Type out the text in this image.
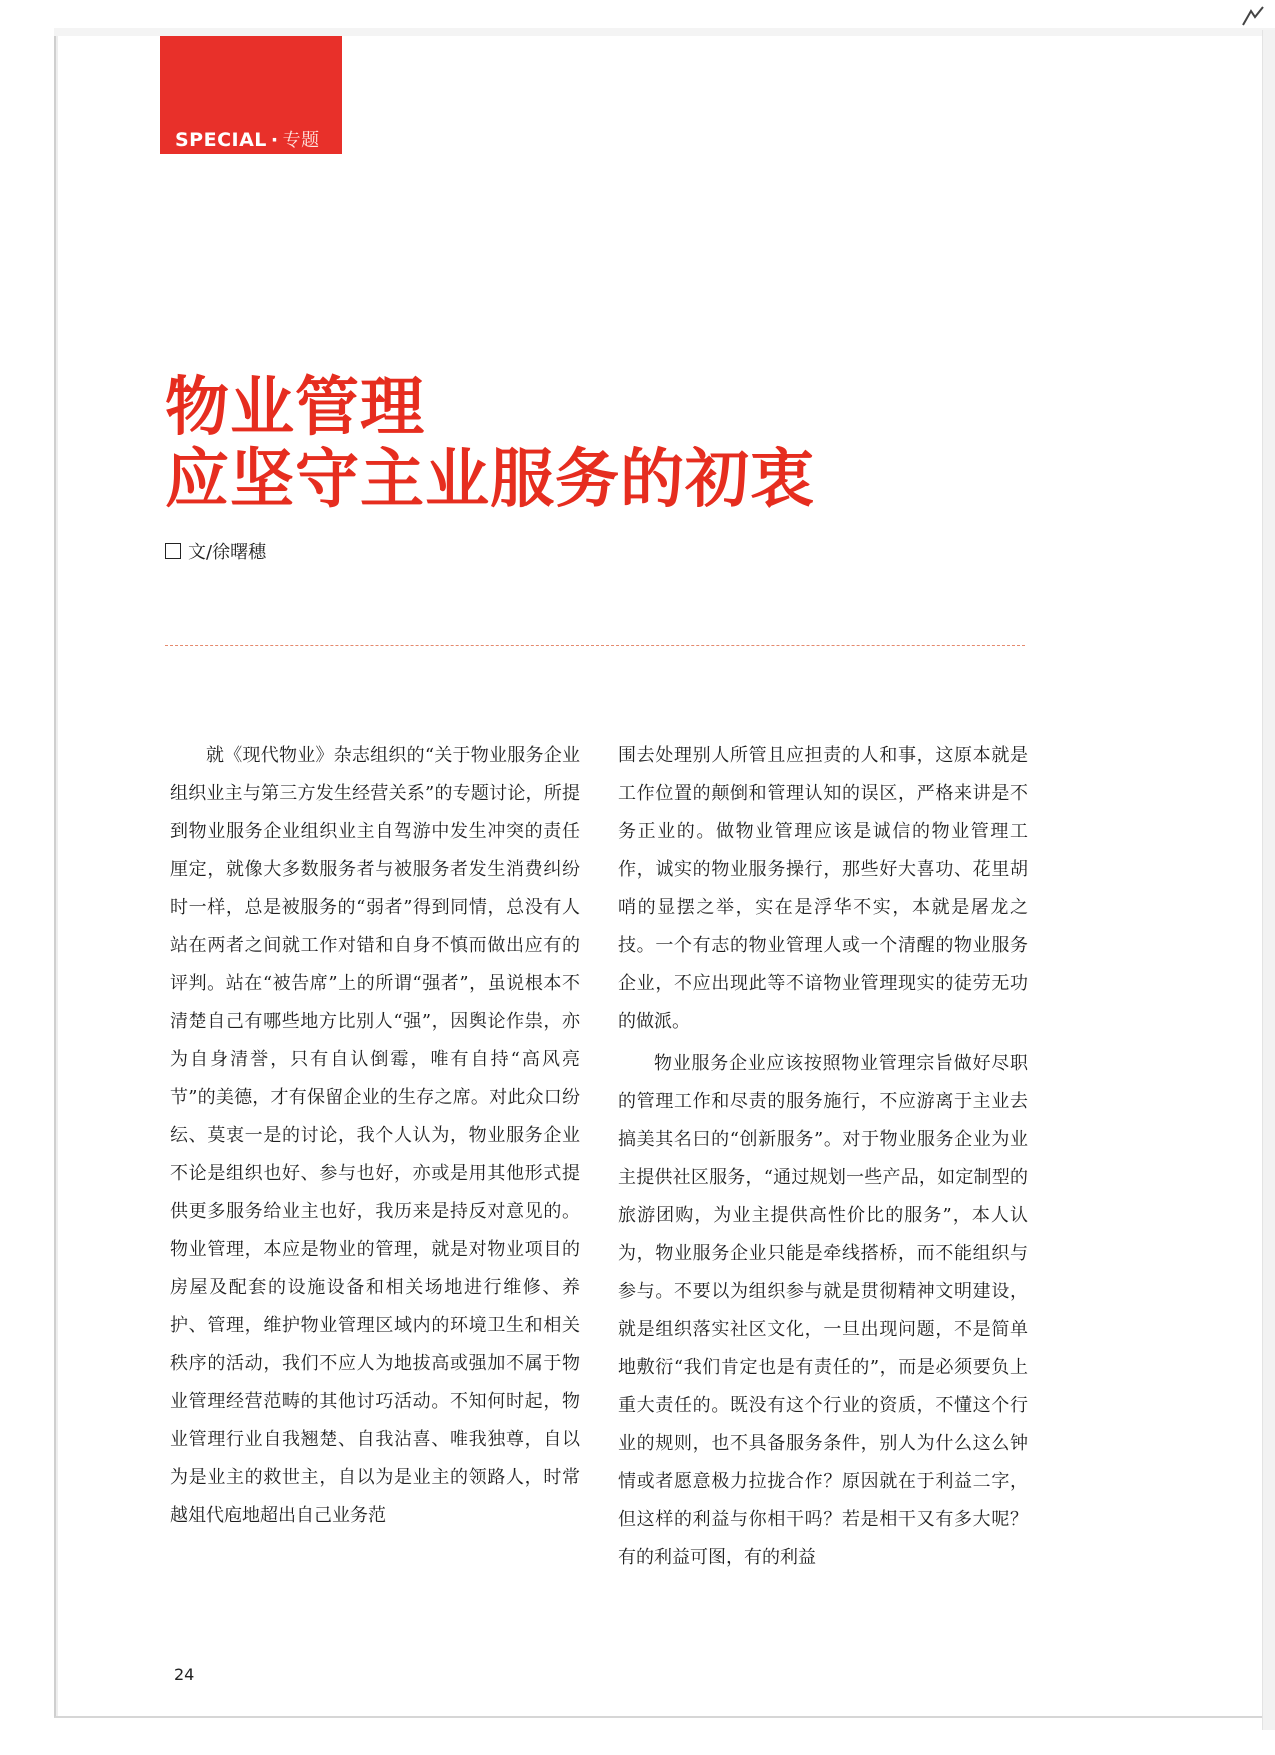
SPECIAL · 专题
物业管理
应坚守主业服务的初衷
文/徐曙穗

就《现代物业》杂志组织的“关于物业服务企业组织业主与第三方发生经营关系”的专题讨论，所提到物业服务企业组织业主自驾游中发生冲突的责任厘定，就像大多数服务者与被服务者发生消费纠纷时一样，总是被服务的“弱者”得到同情，总没有人站在两者之间就工作对错和自身不慎而做出应有的评判。站在“被告席”上的所谓“强者”，虽说根本不清楚自己有哪些地方比别人“强”，因舆论作祟，亦为自身清誉，只有自认倒霉，唯有自持“高风亮节”的美德，才有保留企业的生存之席。对此众口纷纭、莫衷一是的讨论，我个人认为，物业服务企业不论是组织也好、参与也好，亦或是用其他形式提供更多服务给业主也好，我历来是持反对意见的。物业管理，本应是物业的管理，就是对物业项目的房屋及配套的设施设备和相关场地进行维修、养护、管理，维护物业管理区域内的环境卫生和相关秩序的活动，我们不应人为地拔高或强加不属于物业管理经营范畴的其他讨巧活动。不知何时起，物业管理行业自我翘楚、自我沾喜、唯我独尊，自以为是业主的救世主，自以为是业主的领路人，时常越俎代庖地超出自己业务范

围去处理别人所管且应担责的人和事，这原本就是工作位置的颠倒和管理认知的误区，严格来讲是不务正业的。做物业管理应该是诚信的物业管理工作，诚实的物业服务操行，那些好大喜功、花里胡哨的显摆之举，实在是浮华不实，本就是屠龙之技。一个有志的物业管理人或一个清醒的物业服务企业，不应出现此等不谙物业管理现实的徒劳无功的做派。

物业服务企业应该按照物业管理宗旨做好尽职的管理工作和尽责的服务施行，不应游离于主业去搞美其名曰的“创新服务”。对于物业服务企业为业主提供社区服务，“通过规划一些产品，如定制型的旅游团购，为业主提供高性价比的服务”，本人认为，物业服务企业只能是牵线搭桥，而不能组织与参与。不要以为组织参与就是贯彻精神文明建设，就是组织落实社区文化，一旦出现问题，不是简单地敷衍“我们肯定也是有责任的”，而是必须要负上重大责任的。既没有这个行业的资质，不懂这个行业的规则，也不具备服务条件，别人为什么这么钟情或者愿意极力拉拢合作？原因就在于利益二字，但这样的利益与你相干吗？若是相干又有多大呢？有的利益可图，有的利益

24
